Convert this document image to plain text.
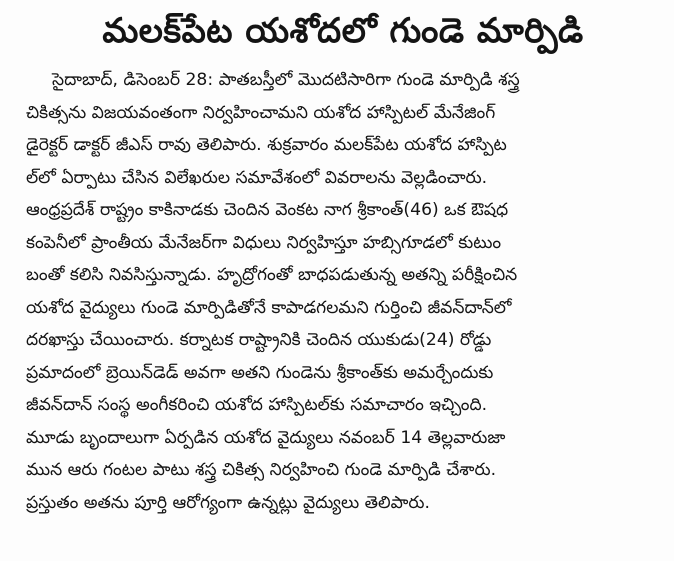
మలక్‌పేట యశోదలో గుండె మార్పిడి
సైదాబాద్, డిసెంబర్ 28: పాతబస్తీలో మొదటిసారిగా గుండె మార్పిడి శస్త్ర
చికిత్సను విజయవంతంగా నిర్వహించామని యశోద హాస్పిటల్ మేనేజింగ్
డైరెక్టర్ డాక్టర్ జీఎస్ రావు తెలిపారు. శుక్రవారం మలక్‌పేట యశోద హాస్పిట
ల్‌లో ఏర్పాటు చేసిన విలేఖరుల సమావేశంలో వివరాలను వెల్లడించారు.
ఆంధ్రప్రదేశ్ రాష్ట్రం కాకినాడకు చెందిన వెంకట నాగ శ్రీకాంత్(46) ఒక ఔషధ
కంపెనీలో ప్రాంతీయ మేనేజర్‌గా విధులు నిర్వహిస్తూ హబ్సిగూడలో కుటుం
బంతో కలిసి నివసిస్తున్నాడు. హృద్రోగంతో బాధపడుతున్న అతన్ని పరీక్షించిన
యశోద వైద్యులు గుండె మార్పిడితోనే కాపాడగలమని గుర్తించి జీవన్‌దాన్‌లో
దరఖాస్తు చేయించారు. కర్నాటక రాష్ట్రానికి చెందిన యుకుడు(24) రోడ్డు
ప్రమాదంలో బ్రెయిన్‌డెడ్ అవగా అతని గుండెను శ్రీకాంత్‌కు అమర్చేందుకు
జీవన్‌దాన్ సంస్థ అంగీకరించి యశోద హాస్పిటల్‌కు సమాచారం ఇచ్చింది.
మూడు బృందాలుగా ఏర్పడిన యశోద వైద్యులు నవంబర్ 14 తెల్లవారుజా
మున ఆరు గంటల పాటు శస్త్ర చికిత్స నిర్వహించి గుండె మార్పిడి చేశారు.
ప్రస్తుతం అతను పూర్తి ఆరోగ్యంగా ఉన్నట్లు వైద్యులు తెలిపారు.
